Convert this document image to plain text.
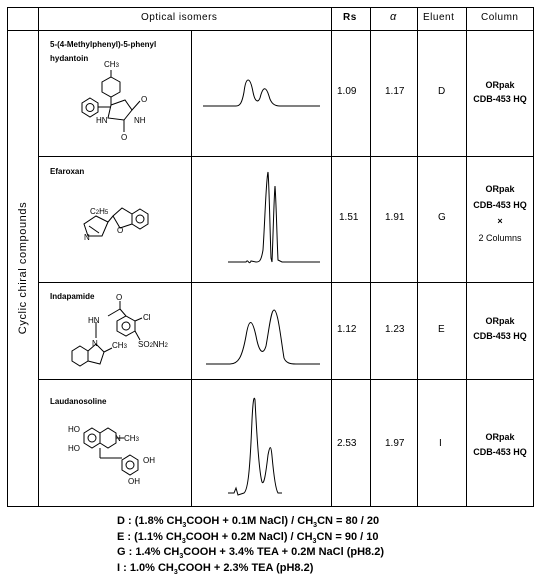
Optical isomers	Rs	α	Eluent	Column
Cyclic chiral compounds
5-(4-Methylphenyl)-5-phenyl
hydantoin
CH3
HN	NH
O
O
1.09	1.17	D
ORpak
CDB-453 HQ
Efaroxan
C2H5
O
N
1.51	1.91	G
ORpak
CDB-453 HQ
×
2 Columns
Indapamide	O
HN	Cl
N CH3 SO2NH2
1.12	1.23	E
ORpak
CDB-453 HQ
Laudanosoline
HO
HO
N CH3
OH
OH
2.53	1.97	I
ORpak
CDB-453 HQ
D : (1.8% $CH_3COOH + 0.1M$ NaCl) / $CH_3CN = 80 / 20$
E : (1.1% $CH_3COOH + 0.2M$ NaCl) / $CH_3CN = 90 / 10$
G : 1.4% $CH_3COOH + 3.4\%$ TEA + 0.2M NaCl (pH8.2)
I : 1.0% $CH_3COOH + 2.3\%$ TEA (pH8.2)
